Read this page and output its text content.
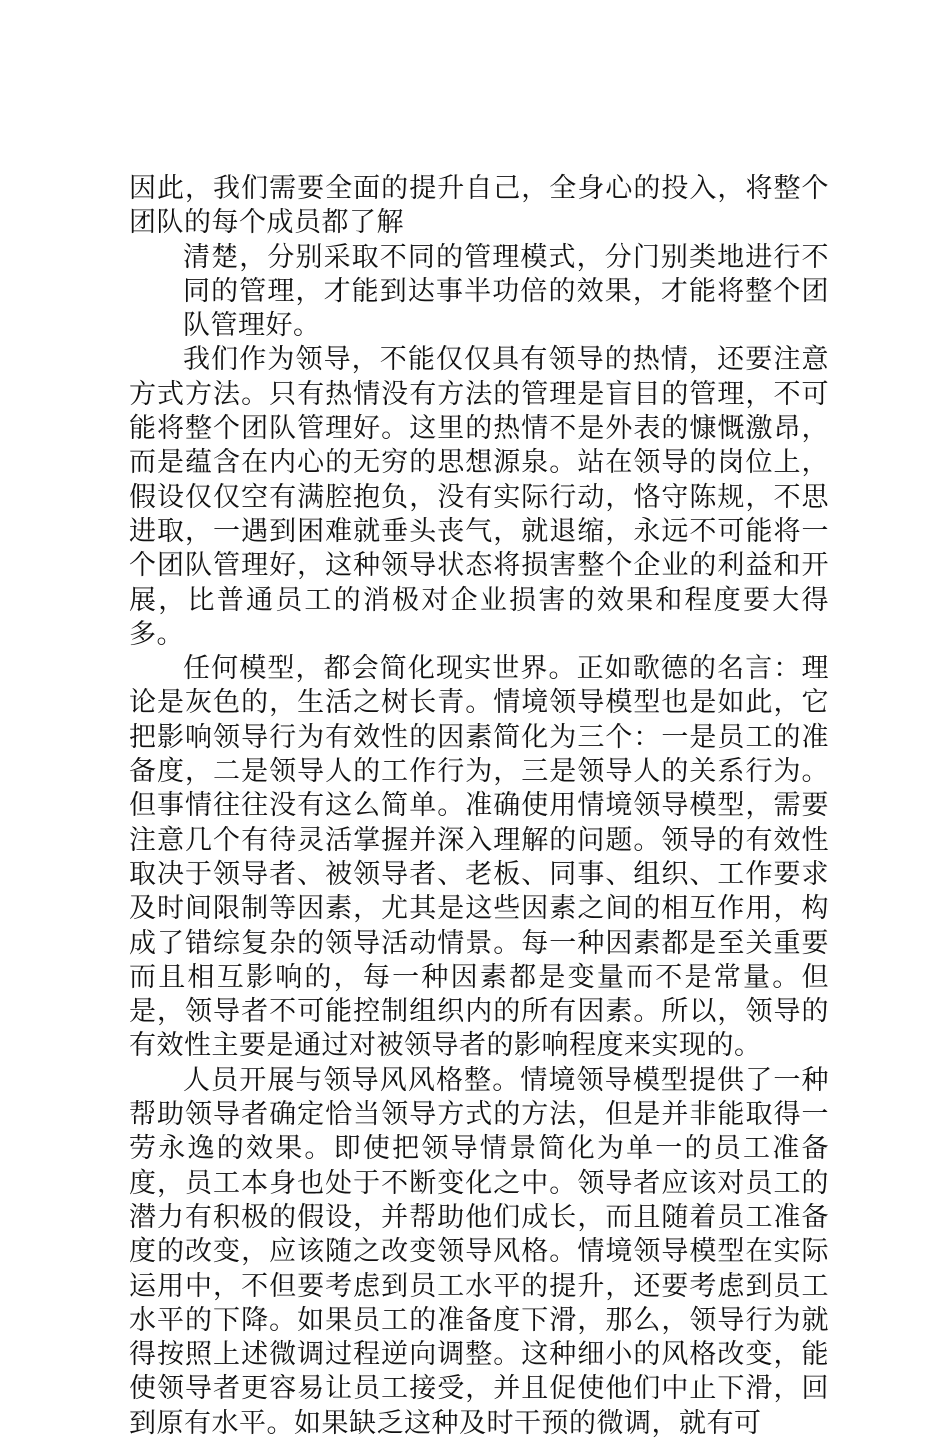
因此，我们需要全面的提升自己，全身心的投入，将整个团队的每个成员都了解

清楚，分别采取不同的管理模式，分门别类地进行不同的管理，才能到达事半功倍的效果，才能将整个团队管理好。

我们作为领导，不能仅仅具有领导的热情，还要注意方式方法。只有热情没有方法的管理是盲目的管理，不可能将整个团队管理好。这里的热情不是外表的慷慨激昂，而是蕴含在内心的无穷的思想源泉。站在领导的岗位上，假设仅仅空有满腔抱负，没有实际行动，恪守陈规，不思进取，一遇到困难就垂头丧气，就退缩，永远不可能将一个团队管理好，这种领导状态将损害整个企业的利益和开展，比普通员工的消极对企业损害的效果和程度要大得多。

任何模型，都会简化现实世界。正如歌德的名言：理论是灰色的，生活之树长青。情境领导模型也是如此，它把影响领导行为有效性的因素简化为三个：一是员工的准备度，二是领导人的工作行为，三是领导人的关系行为。但事情往往没有这么简单。准确使用情境领导模型，需要注意几个有待灵活掌握并深入理解的问题。领导的有效性取决于领导者、被领导者、老板、同事、组织、工作要求及时间限制等因素，尤其是这些因素之间的相互作用，构成了错综复杂的领导活动情景。每一种因素都是至关重要而且相互影响的，每一种因素都是变量而不是常量。但是，领导者不可能控制组织内的所有因素。所以，领导的有效性主要是通过对被领导者的影响程度来实现的。

人员开展与领导风风格整。情境领导模型提供了一种帮助领导者确定恰当领导方式的方法，但是并非能取得一劳永逸的效果。即使把领导情景简化为单一的员工准备度，员工本身也处于不断变化之中。领导者应该对员工的潜力有积极的假设，并帮助他们成长，而且随着员工准备度的改变，应该随之改变领导风格。情境领导模型在实际运用中，不但要考虑到员工水平的提升，还要考虑到员工水平的下降。如果员工的准备度下滑，那么，领导行为就得按照上述微调过程逆向调整。这种细小的风格改变，能使领导者更容易让员工接受，并且促使他们中止下滑，回到原有水平。如果缺乏这种及时干预的微调，就有可
